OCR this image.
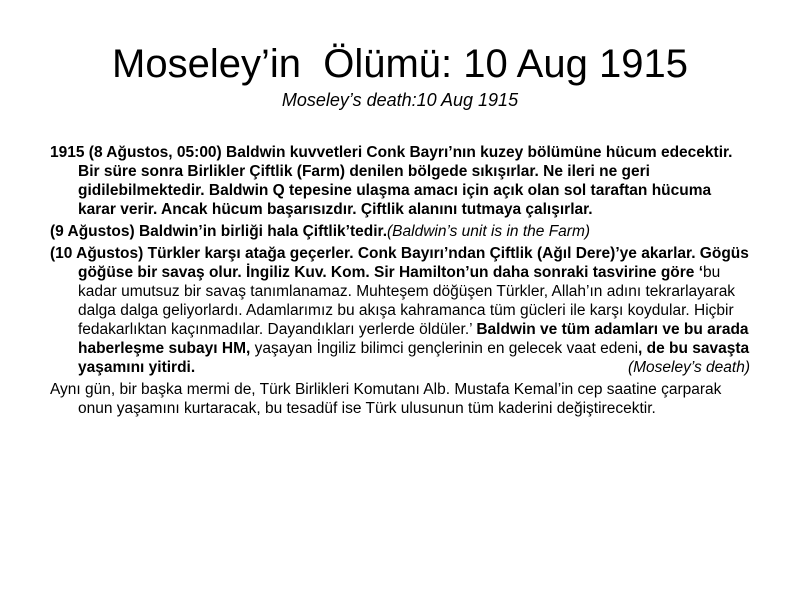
Moseley’in  Ölümü: 10 Aug 1915
Moseley’s death:10 Aug 1915

1915 (8 Ağustos, 05:00) Baldwin kuvvetleri Conk Bayrı’nın kuzey bölümüne hücum edecektir. Bir süre sonra Birlikler Çiftlik (Farm) denilen bölgede sıkışırlar. Ne ileri ne geri gidilebilmektedir. Baldwin Q tepesine ulaşma amacı için açık olan sol taraftan hücuma karar verir. Ancak hücum başarısızdır. Çiftlik alanını tutmaya çalışırlar.

(9 Ağustos) Baldwin’in birliği hala Çiftlik’tedir.(Baldwin’s unit is in the Farm)

(10 Ağustos) Türkler karşı atağa geçerler. Conk Bayırı’ndan Çiftlik (Ağıl Dere)’ye akarlar. Gögüs göğüse bir savaş olur. İngiliz Kuv. Kom. Sir Hamilton’un daha sonraki tasvirine göre ‘bu kadar umutsuz bir savaş tanımlanamaz. Muhteşem döğüşen Türkler, Allah’ın adını tekrarlayarak dalga dalga geliyorlardı. Adamlarımız bu akışa kahramanca tüm gücleri ile karşı koydular. Hiçbir fedakarlıktan kaçınmadılar. Dayandıkları yerlerde öldüler.’ Baldwin ve tüm adamları ve bu arada haberleşme subayı HM, yaşayan İngiliz bilimci gençlerinin en gelecek vaat edeni, de bu savaşta yaşamını yitirdi.	(Moseley’s death)

Aynı gün, bir başka mermi de, Türk Birlikleri Komutanı Alb. Mustafa Kemal’in cep saatine çarparak onun yaşamını kurtaracak, bu tesadüf ise Türk ulusunun tüm kaderini değiştirecektir.
